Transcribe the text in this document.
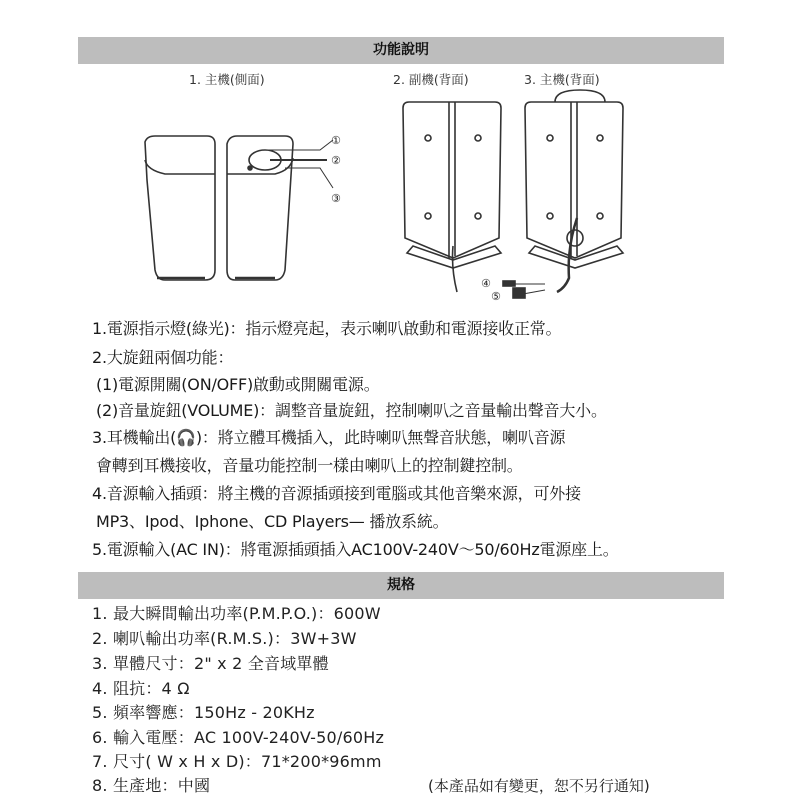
功能說明
1. 主機(側面)	2. 副機(背面)	3. 主機(背面)
①
②
③
④
⑤
1.電源指示燈(綠光)：指示燈亮起，表示喇叭啟動和電源接收正常。
2.大旋鈕兩個功能：
(1)電源開關(ON/OFF)啟動或開關電源。
(2)音量旋鈕(VOLUME)：調整音量旋鈕，控制喇叭之音量輸出聲音大小。
3.耳機輸出(🎧)：將立體耳機插入，此時喇叭無聲音狀態，喇叭音源
會轉到耳機接收，音量功能控制一樣由喇叭上的控制鍵控制。
4.音源輸入插頭：將主機的音源插頭接到電腦或其他音樂來源，可外接
MP3、Ipod、Iphone、CD Players— 播放系統。
5.電源輸入(AC IN)：將電源插頭插入AC100V-240V～50/60Hz電源座上。
規格
1. 最大瞬間輸出功率(P.M.P.O.)：600W
2. 喇叭輸出功率(R.M.S.)：3W+3W
3. 單體尺寸：2" x 2 全音域單體
4. 阻抗：4 Ω
5. 頻率響應：150Hz - 20KHz
6. 輸入電壓：AC 100V-240V-50/60Hz
7. 尺寸( W x H x D)：71*200*96mm
8. 生產地：中國	(本產品如有變更，恕不另行通知)
